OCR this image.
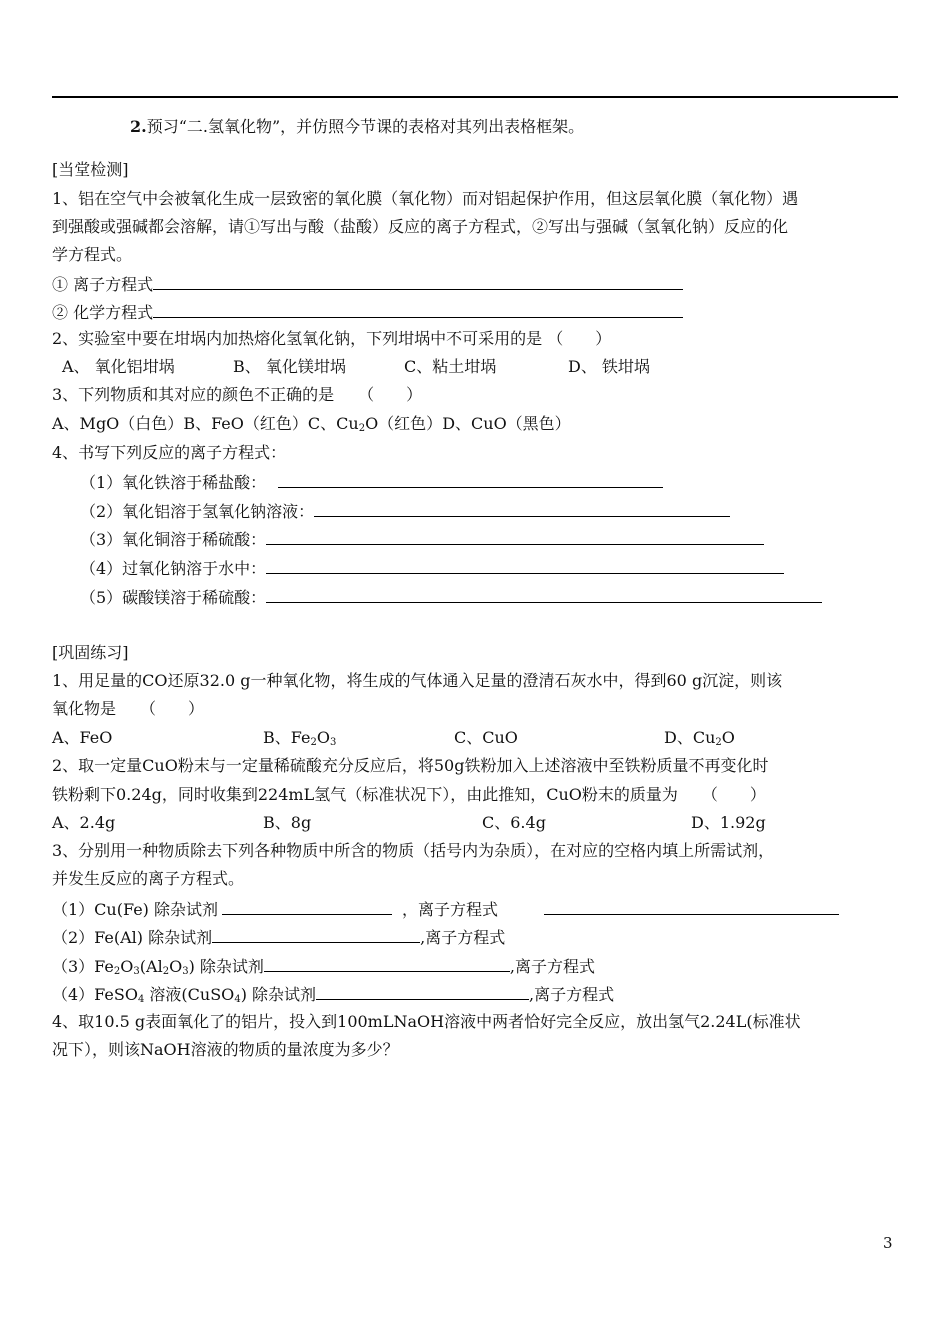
2.预习“二.氢氧化物”，并仿照今节课的表格对其列出表格框架。
[当堂检测]
1、铝在空气中会被氧化生成一层致密的氧化膜（氧化物）而对铝起保护作用，但这层氧化膜（氧化物）遇
到强酸或强碱都会溶解，请①写出与酸（盐酸）反应的离子方程式，②写出与强碱（氢氧化钠）反应的化
学方程式。
① 离子方程式
② 化学方程式
2、实验室中要在坩埚内加热熔化氢氧化钠，下列坩埚中不可采用的是 （　　）
A、 氧化铝坩埚	B、 氧化镁坩埚	C、粘土坩埚	D、 铁坩埚
3、下列物质和其对应的颜色不正确的是　　（　　）
A、MgO（白色）B、FeO（红色）C、$Cu_2O$（红色）D、CuO（黑色）
4、书写下列反应的离子方程式：
（1）氧化铁溶于稀盐酸：
（2）氧化铝溶于氢氧化钠溶液：
（3）氧化铜溶于稀硫酸：
（4）过氧化钠溶于水中：
（5）碳酸镁溶于稀硫酸：
[巩固练习]
1、用足量的CO还原32.0 g一种氧化物，将生成的气体通入足量的澄清石灰水中，得到60 g沉淀，则该
氧化物是　　（　　）
A、FeO	B、$Fe_2O_3$	C、CuO	D、$Cu_2O$
2、取一定量CuO粉末与一定量稀硫酸充分反应后，将50g铁粉加入上述溶液中至铁粉质量不再变化时
铁粉剩下0.24g，同时收集到224mL氢气（标准状况下），由此推知，CuO粉末的质量为　　（　　）
A、2.4g	B、8g	C、6.4g	D、1.92g
3、分别用一种物质除去下列各种物质中所含的物质（括号内为杂质），在对应的空格内填上所需试剂，
并发生反应的离子方程式。
（1）Cu(Fe) 除杂试剂	，离子方程式
（2）Fe(Al) 除杂试剂	,离子方程式
$(3)Fe_2O_3(Al_2O_3)$ 除杂试剂	,离子方程式
（4）FeSO$_4$ 溶液(CuSO$_4$) 除杂试剂	,离子方程式
4、取10.5 g表面氧化了的铝片，投入到100mLNaOH溶液中两者恰好完全反应，放出氢气2.24L(标准状
况下），则该NaOH溶液的物质的量浓度为多少？
3
